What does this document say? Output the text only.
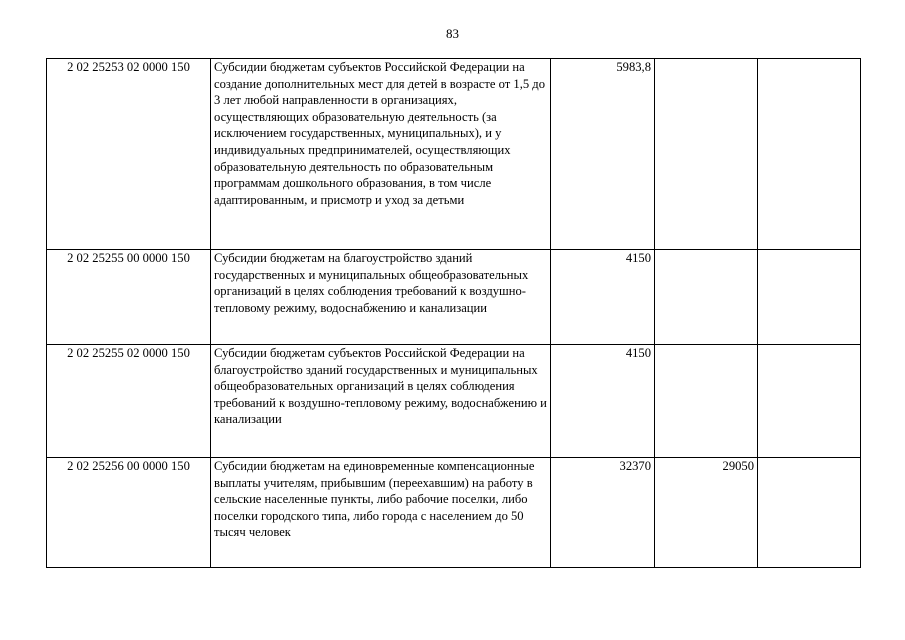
83
2 02 25253 02 0000 150	Субсидии бюджетам субъектов Российской Федерации на создание дополнительных мест для детей в возрасте от 1,5 до 3 лет любой направленности в организациях, осуществляющих образовательную деятельность (за исключением государственных, муниципальных), и у индивидуальных предпринимателей, осуществляющих образовательную деятельность по образовательным программам дошкольного образования, в том числе адаптированным, и присмотр и уход за детьми	5983,8		
2 02 25255 00 0000 150	Субсидии бюджетам на благоустройство зданий государственных и муниципальных общеобразовательных организаций в целях соблюдения требований к воздушно-тепловому режиму, водоснабжению и канализации	4150		
2 02 25255 02 0000 150	Субсидии бюджетам субъектов Российской Федерации на благоустройство зданий государственных и муниципальных общеобразовательных организаций в целях соблюдения требований к воздушно-тепловому режиму, водоснабжению и канализации	4150		
2 02 25256 00 0000 150	Субсидии бюджетам на единовременные компенсационные выплаты учителям, прибывшим (переехавшим) на работу в сельские населенные пункты, либо рабочие поселки, либо поселки городского типа, либо города с населением до 50 тысяч человек	32370	29050	
